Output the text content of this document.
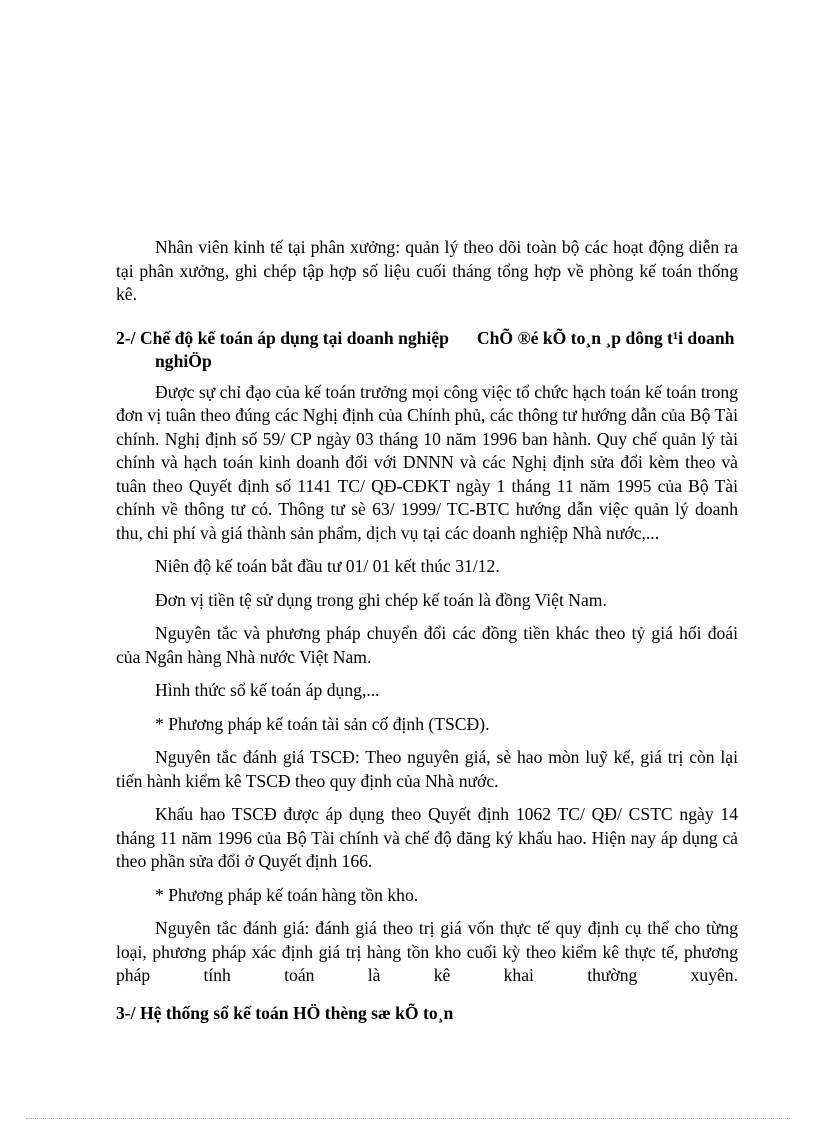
Nhân viên kinh tế tại phân xưởng: quản lý theo dõi toàn bộ các hoạt động diễn ra tại phân xưởng, ghi chép tập hợp số liệu cuối tháng tổng hợp về phòng kế toán thống kê.

2-/ Chế độ kế toán áp dụng tại doanh nghiệp ChÕ ®é kÕ to¸n ¸p dông t¹i doanh nghiÖp

Được sự chỉ đạo của kế toán trưởng mọi công việc tổ chức hạch toán kế toán trong đơn vị tuân theo đúng các Nghị định của Chính phủ, các thông tư hướng dẫn của Bộ Tài chính. Nghị định số 59/ CP ngày 03 tháng 10 năm 1996 ban hành. Quy chế quản lý tài chính và hạch toán kinh doanh đối với DNNN và các Nghị định sửa đổi kèm theo và tuân theo Quyết định số 1141 TC/ QĐ-CĐKT ngày 1 tháng 11 năm 1995 của Bộ Tài chính về thông tư có. Thông tư sè 63/ 1999/ TC-BTC hướng dẫn việc quản lý doanh thu, chi phí và giá thành sản phẩm, dịch vụ tại các doanh nghiệp Nhà nước,...

Niên độ kế toán bắt đầu tư 01/ 01 kết thúc 31/12.

Đơn vị tiền tệ sử dụng trong ghi chép kế toán là đồng Việt Nam.

Nguyên tắc và phương pháp chuyển đổi các đồng tiền khác theo tỷ giá hối đoái của Ngân hàng Nhà nước Việt Nam.

Hình thức sổ kế toán áp dụng,...

* Phương pháp kế toán tài sản cố định (TSCĐ).

Nguyên tắc đánh giá TSCĐ: Theo nguyên giá, sè hao mòn luỹ kế, giá trị còn lại tiến hành kiểm kê TSCĐ theo quy định của Nhà nước.

Khấu hao TSCĐ được áp dụng theo Quyết định 1062 TC/ QĐ/ CSTC ngày 14 tháng 11 năm 1996 của Bộ Tài chính và chế độ đăng ký khấu hao. Hiện nay áp dụng cả theo phần sửa đổi ở Quyết định 166.

* Phương pháp kế toán hàng tồn kho.

Nguyên tắc đánh giá: đánh giá theo trị giá vốn thực tế quy định cụ thể cho từng loại, phương pháp xác định giá trị hàng tồn kho cuối kỳ theo kiểm kê thực tế, phương pháp tính toán là kê khai thường xuyên.

3-/ Hệ thống sổ kế toán HÖ thèng sæ kÕ to¸n
